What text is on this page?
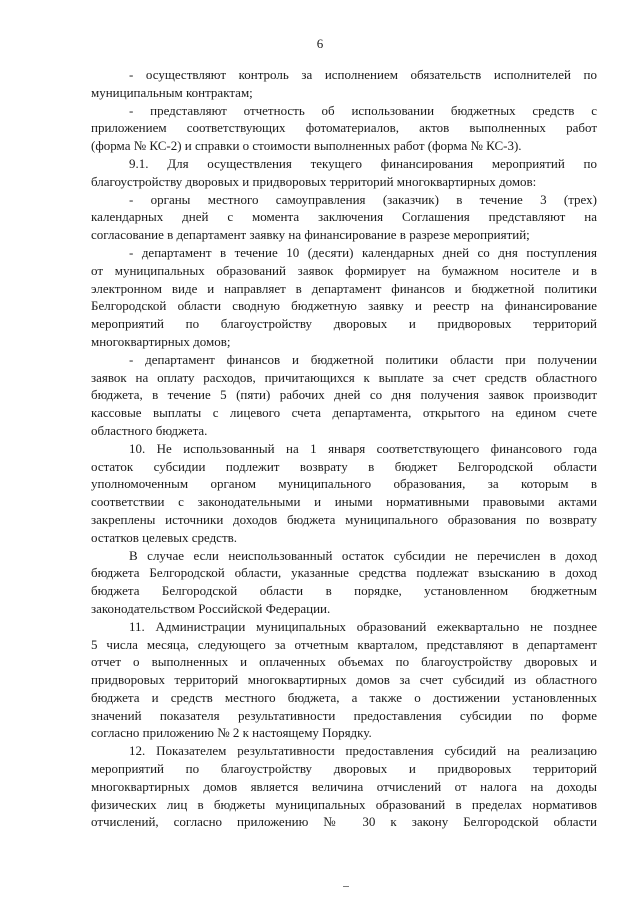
6
- осуществляют контроль за исполнением обязательств исполнителей по
муниципальным контрактам;
- представляют отчетность об использовании бюджетных средств с
приложением соответствующих фотоматериалов, актов выполненных работ
(форма № КС-2) и справки о стоимости выполненных работ (форма № КС-3).
9.1. Для осуществления текущего финансирования мероприятий по
благоустройству дворовых и придворовых территорий многоквартирных домов:
- органы местного самоуправления (заказчик) в течение 3 (трех)
календарных дней с момента заключения Соглашения представляют на
согласование в департамент заявку на финансирование в разрезе мероприятий;
- департамент в течение 10 (десяти) календарных дней со дня поступления
от муниципальных образований заявок формирует на бумажном носителе и в
электронном виде и направляет в департамент финансов и бюджетной политики
Белгородской области сводную бюджетную заявку и реестр на финансирование
мероприятий по благоустройству дворовых и придворовых территорий
многоквартирных домов;
- департамент финансов и бюджетной политики области при получении
заявок на оплату расходов, причитающихся к выплате за счет средств областного
бюджета, в течение 5 (пяти) рабочих дней со дня получения заявок производит
кассовые выплаты с лицевого счета департамента, открытого на едином счете
областного бюджета.
10. Не использованный на 1 января соответствующего финансового года
остаток субсидии подлежит возврату в бюджет Белгородской области
уполномоченным органом муниципального образования, за которым в
соответствии с законодательными и иными нормативными правовыми актами
закреплены источники доходов бюджета муниципального образования по возврату
остатков целевых средств.
В случае если неиспользованный остаток субсидии не перечислен в доход
бюджета Белгородской области, указанные средства подлежат взысканию в доход
бюджета Белгородской области в порядке, установленном бюджетным
законодательством Российской Федерации.
11. Администрации муниципальных образований ежеквартально не позднее
5 числа месяца, следующего за отчетным кварталом, представляют в департамент
отчет о выполненных и оплаченных объемах по благоустройству дворовых и
придворовых территорий многоквартирных домов за счет субсидий из областного
бюджета и средств местного бюджета, а также о достижении установленных
значений показателя результативности предоставления субсидии по форме
согласно приложению № 2 к настоящему Порядку.
12. Показателем результативности предоставления субсидий на реализацию
мероприятий по благоустройству дворовых и придворовых территорий
многоквартирных домов является величина отчислений от налога на доходы
физических лиц в бюджеты муниципальных образований в пределах нормативов
отчислений, согласно приложению № 30 к закону Белгородской области
